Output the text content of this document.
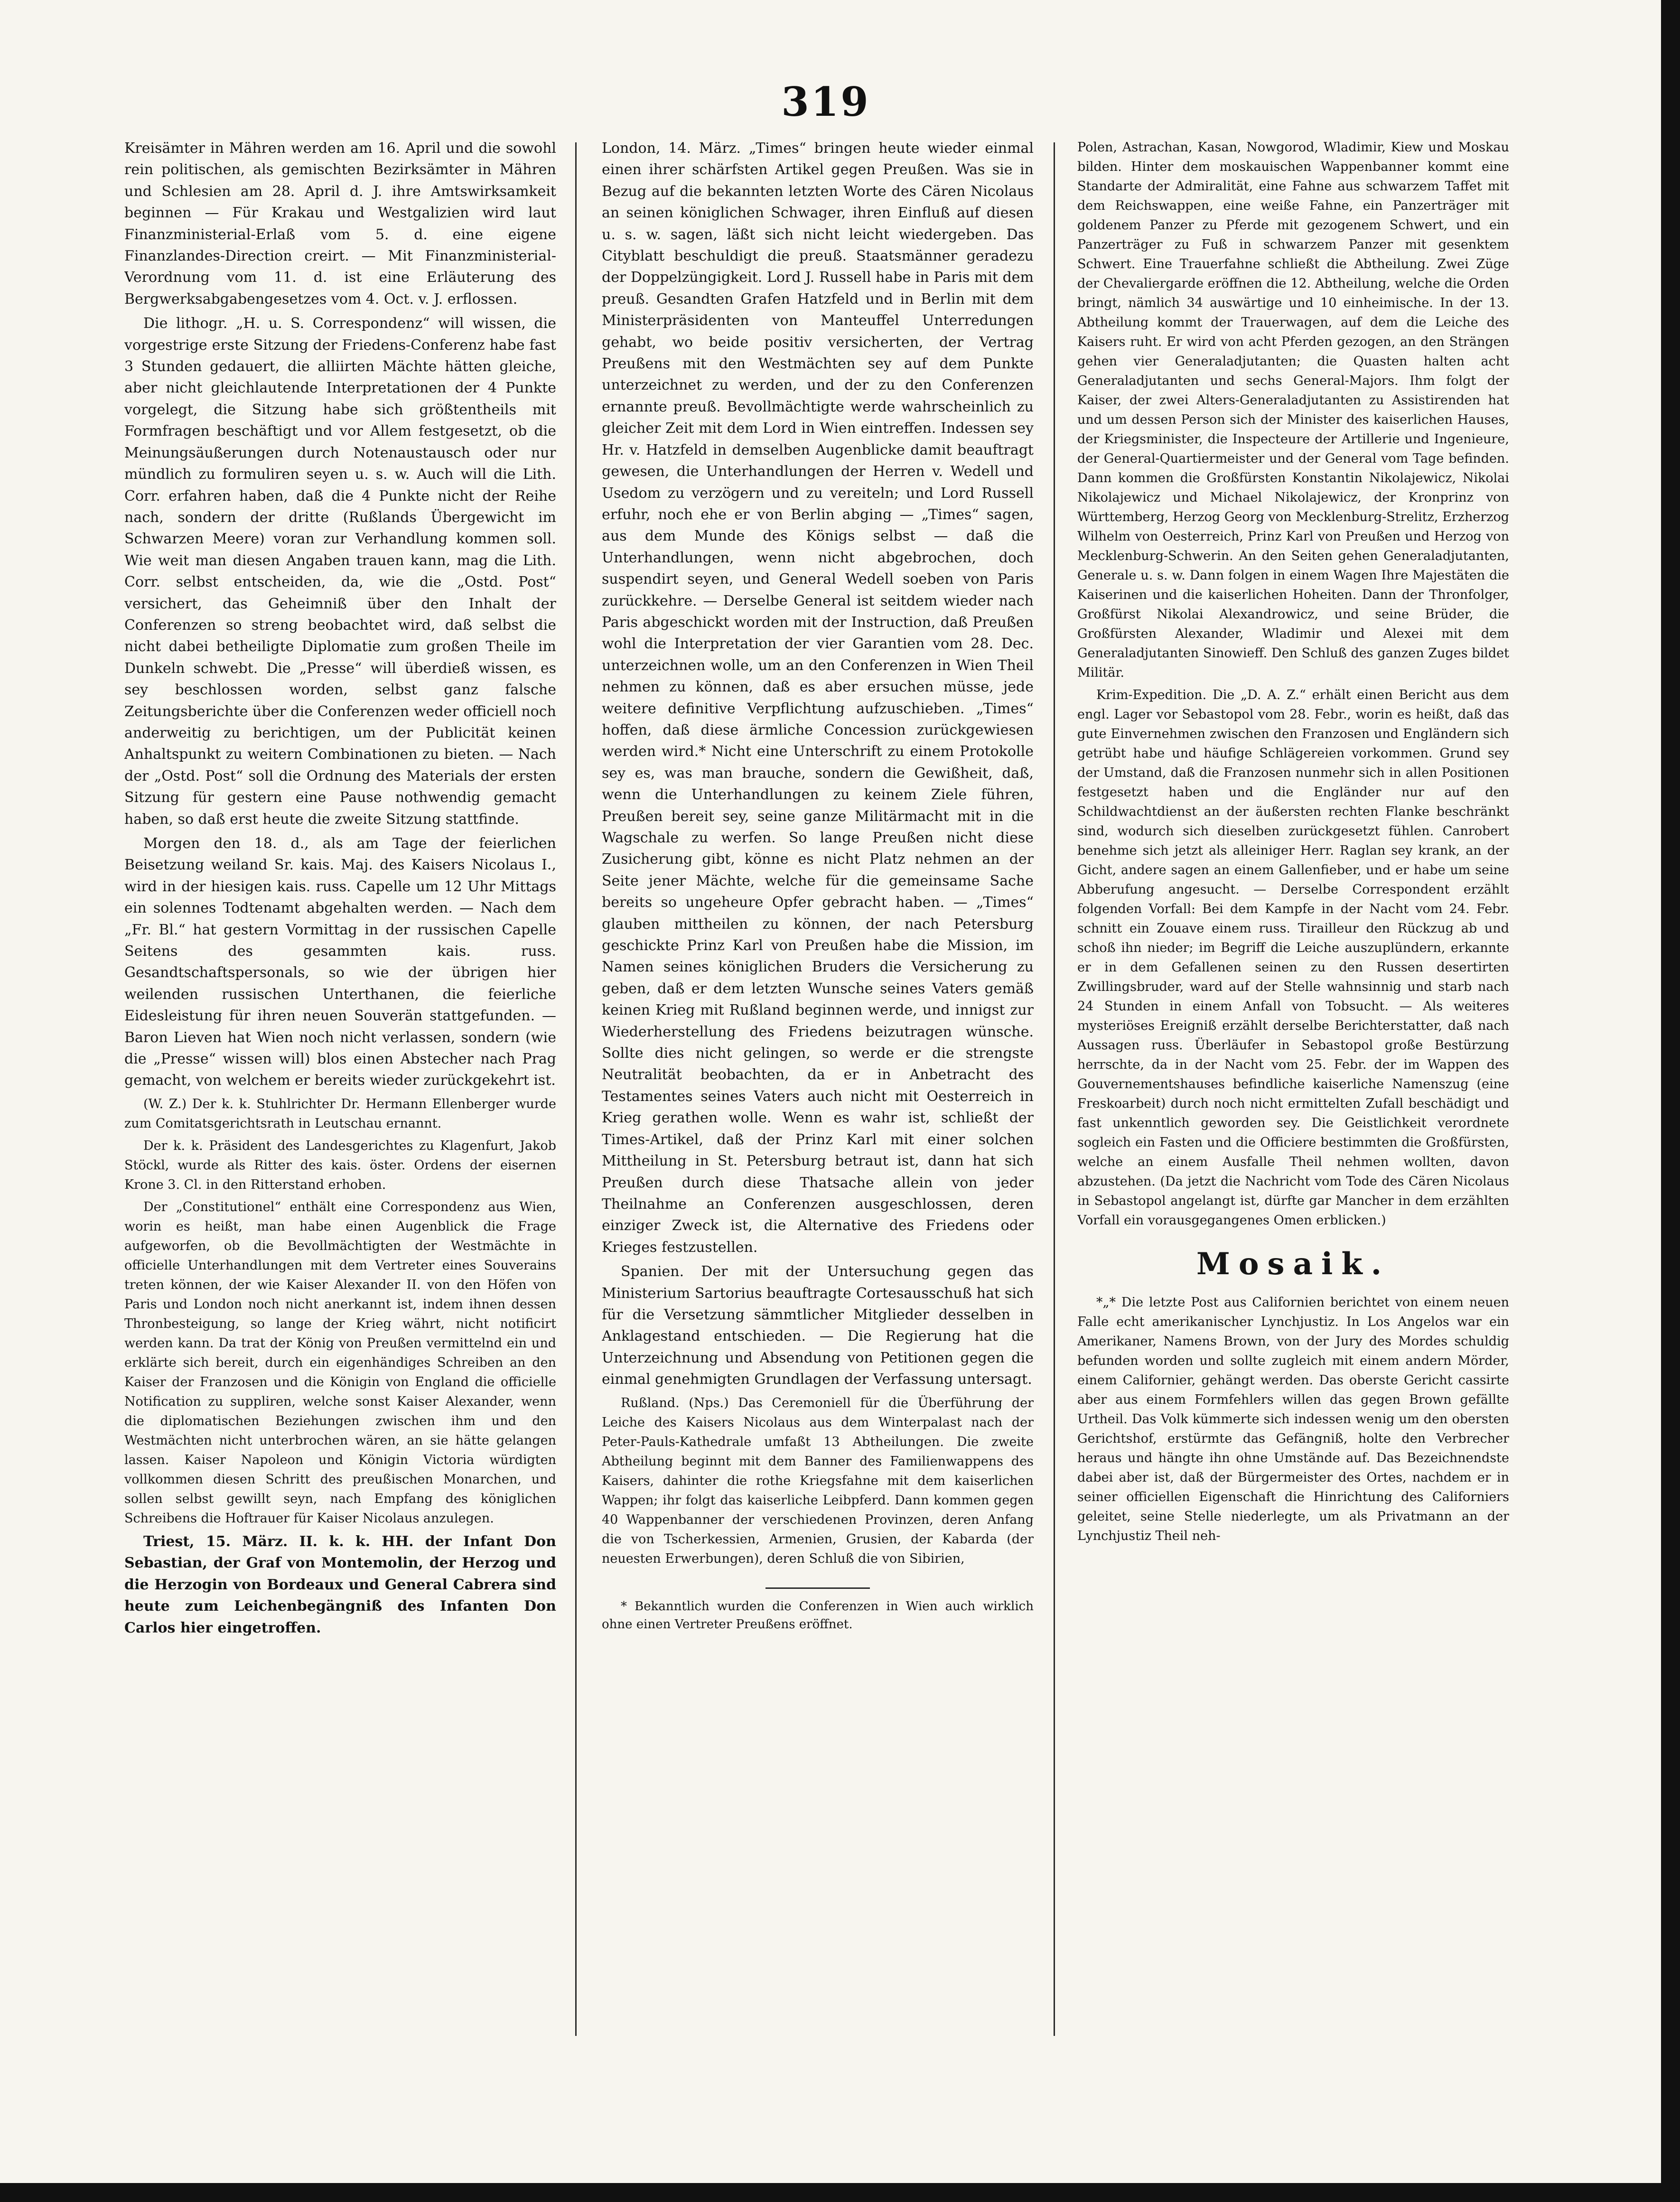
319

Kreisämter in Mähren werden am 16. April und die sowohl rein politischen, als gemischten Bezirksämter in Mähren und Schlesien am 28. April d. J. ihre Amtswirksamkeit beginnen — Für Krakau und Westgalizien wird laut Finanzministerial-Erlaß vom 5. d. eine eigene Finanzlandes-Direction creirt. — Mit Finanzministerial-Verordnung vom 11. d. ist eine Erläuterung des Bergwerksabgabengesetzes vom 4. Oct. v. J. erflossen.

Die lithogr. „H. u. S. Correspondenz“ will wissen, die vorgestrige erste Sitzung der Friedens-Conferenz habe fast 3 Stunden gedauert, die alliirten Mächte hätten gleiche, aber nicht gleichlautende Interpretationen der 4 Punkte vorgelegt, die Sitzung habe sich größtentheils mit Formfragen beschäftigt und vor Allem festgesetzt, ob die Meinungsäußerungen durch Notenaustausch oder nur mündlich zu formuliren seyen u. s. w. Auch will die Lith. Corr. erfahren haben, daß die 4 Punkte nicht der Reihe nach, sondern der dritte (Rußlands Übergewicht im Schwarzen Meere) voran zur Verhandlung kommen soll. Wie weit man diesen Angaben trauen kann, mag die Lith. Corr. selbst entscheiden, da, wie die „Ostd. Post“ versichert, das Geheimniß über den Inhalt der Conferenzen so streng beobachtet wird, daß selbst die nicht dabei betheiligte Diplomatie zum großen Theile im Dunkeln schwebt. Die „Presse“ will überdieß wissen, es sey beschlossen worden, selbst ganz falsche Zeitungsberichte über die Conferenzen weder officiell noch anderweitig zu berichtigen, um der Publicität keinen Anhaltspunkt zu weitern Combinationen zu bieten. — Nach der „Ostd. Post“ soll die Ordnung des Materials der ersten Sitzung für gestern eine Pause nothwendig gemacht haben, so daß erst heute die zweite Sitzung stattfinde.

Morgen den 18. d., als am Tage der feierlichen Beisetzung weiland Sr. kais. Maj. des Kaisers Nicolaus I., wird in der hiesigen kais. russ. Capelle um 12 Uhr Mittags ein solennes Todtenamt abgehalten werden. — Nach dem „Fr. Bl.“ hat gestern Vormittag in der russischen Capelle Seitens des gesammten kais. russ. Gesandtschaftspersonals, so wie der übrigen hier weilenden russischen Unterthanen, die feierliche Eidesleistung für ihren neuen Souverän stattgefunden. — Baron Lieven hat Wien noch nicht verlassen, sondern (wie die „Presse“ wissen will) blos einen Abstecher nach Prag gemacht, von welchem er bereits wieder zurückgekehrt ist.

(W. Z.) Der k. k. Stuhlrichter Dr. Hermann Ellenberger wurde zum Comitatsgerichtsrath in Leutschau ernannt.

Der k. k. Präsident des Landesgerichtes zu Klagenfurt, Jakob Stöckl, wurde als Ritter des kais. öster. Ordens der eisernen Krone 3. Cl. in den Ritterstand erhoben.

Der „Constitutionel“ enthält eine Correspondenz aus Wien, worin es heißt, man habe einen Augenblick die Frage aufgeworfen, ob die Bevollmächtigten der Westmächte in officielle Unterhandlungen mit dem Vertreter eines Souverains treten können, der wie Kaiser Alexander II. von den Höfen von Paris und London noch nicht anerkannt ist, indem ihnen dessen Thronbesteigung, so lange der Krieg währt, nicht notificirt werden kann. Da trat der König von Preußen vermittelnd ein und erklärte sich bereit, durch ein eigenhändiges Schreiben an den Kaiser der Franzosen und die Königin von England die officielle Notification zu suppliren, welche sonst Kaiser Alexander, wenn die diplomatischen Beziehungen zwischen ihm und den Westmächten nicht unterbrochen wären, an sie hätte gelangen lassen. Kaiser Napoleon und Königin Victoria würdigten vollkommen diesen Schritt des preußischen Monarchen, und sollen selbst gewillt seyn, nach Empfang des königlichen Schreibens die Hoftrauer für Kaiser Nicolaus anzulegen.

Triest, 15. März. II. k. k. HH. der Infant Don Sebastian, der Graf von Montemolin, der Herzog und die Herzogin von Bordeaux und General Cabrera sind heute zum Leichenbegängniß des Infanten Don Carlos hier eingetroffen.

London, 14. März. „Times“ bringen heute wieder einmal einen ihrer schärfsten Artikel gegen Preußen. Was sie in Bezug auf die bekannten letzten Worte des Cären Nicolaus an seinen königlichen Schwager, ihren Einfluß auf diesen u. s. w. sagen, läßt sich nicht leicht wiedergeben. Das Cityblatt beschuldigt die preuß. Staatsmänner geradezu der Doppelzüngigkeit. Lord J. Russell habe in Paris mit dem preuß. Gesandten Grafen Hatzfeld und in Berlin mit dem Ministerpräsidenten von Manteuffel Unterredungen gehabt, wo beide positiv versicherten, der Vertrag Preußens mit den Westmächten sey auf dem Punkte unterzeichnet zu werden, und der zu den Conferenzen ernannte preuß. Bevollmächtigte werde wahrscheinlich zu gleicher Zeit mit dem Lord in Wien eintreffen. Indessen sey Hr. v. Hatzfeld in demselben Augenblicke damit beauftragt gewesen, die Unterhandlungen der Herren v. Wedell und Usedom zu verzögern und zu vereiteln; und Lord Russell erfuhr, noch ehe er von Berlin abging — „Times“ sagen, aus dem Munde des Königs selbst — daß die Unterhandlungen, wenn nicht abgebrochen, doch suspendirt seyen, und General Wedell soeben von Paris zurückkehre. — Derselbe General ist seitdem wieder nach Paris abgeschickt worden mit der Instruction, daß Preußen wohl die Interpretation der vier Garantien vom 28. Dec. unterzeichnen wolle, um an den Conferenzen in Wien Theil nehmen zu können, daß es aber ersuchen müsse, jede weitere definitive Verpflichtung aufzuschieben. „Times“ hoffen, daß diese ärmliche Concession zurückgewiesen werden wird.* Nicht eine Unterschrift zu einem Protokolle sey es, was man brauche, sondern die Gewißheit, daß, wenn die Unterhandlungen zu keinem Ziele führen, Preußen bereit sey, seine ganze Militärmacht mit in die Wagschale zu werfen. So lange Preußen nicht diese Zusicherung gibt, könne es nicht Platz nehmen an der Seite jener Mächte, welche für die gemeinsame Sache bereits so ungeheure Opfer gebracht haben. — „Times“ glauben mittheilen zu können, der nach Petersburg geschickte Prinz Karl von Preußen habe die Mission, im Namen seines königlichen Bruders die Versicherung zu geben, daß er dem letzten Wunsche seines Vaters gemäß keinen Krieg mit Rußland beginnen werde, und innigst zur Wiederherstellung des Friedens beizutragen wünsche. Sollte dies nicht gelingen, so werde er die strengste Neutralität beobachten, da er in Anbetracht des Testamentes seines Vaters auch nicht mit Oesterreich in Krieg gerathen wolle. Wenn es wahr ist, schließt der Times-Artikel, daß der Prinz Karl mit einer solchen Mittheilung in St. Petersburg betraut ist, dann hat sich Preußen durch diese Thatsache allein von jeder Theilnahme an Conferenzen ausgeschlossen, deren einziger Zweck ist, die Alternative des Friedens oder Krieges festzustellen.

Spanien. Der mit der Untersuchung gegen das Ministerium Sartorius beauftragte Cortesausschuß hat sich für die Versetzung sämmtlicher Mitglieder desselben in Anklagestand entschieden. — Die Regierung hat die Unterzeichnung und Absendung von Petitionen gegen die einmal genehmigten Grundlagen der Verfassung untersagt.

Rußland. (Nps.) Das Ceremoniell für die Überführung der Leiche des Kaisers Nicolaus aus dem Winterpalast nach der Peter-Pauls-Kathedrale umfaßt 13 Abtheilungen. Die zweite Abtheilung beginnt mit dem Banner des Familienwappens des Kaisers, dahinter die rothe Kriegsfahne mit dem kaiserlichen Wappen; ihr folgt das kaiserliche Leibpferd. Dann kommen gegen 40 Wappenbanner der verschiedenen Provinzen, deren Anfang die von Tscherkessien, Armenien, Grusien, der Kabarda (der neuesten Erwerbungen), deren Schluß die von Sibirien,

* Bekanntlich wurden die Conferenzen in Wien auch wirklich ohne einen Vertreter Preußens eröffnet.

Polen, Astrachan, Kasan, Nowgorod, Wladimir, Kiew und Moskau bilden. Hinter dem moskauischen Wappenbanner kommt eine Standarte der Admiralität, eine Fahne aus schwarzem Taffet mit dem Reichswappen, eine weiße Fahne, ein Panzerträger mit goldenem Panzer zu Pferde mit gezogenem Schwert, und ein Panzerträger zu Fuß in schwarzem Panzer mit gesenktem Schwert. Eine Trauerfahne schließt die Abtheilung. Zwei Züge der Chevaliergarde eröffnen die 12. Abtheilung, welche die Orden bringt, nämlich 34 auswärtige und 10 einheimische. In der 13. Abtheilung kommt der Trauerwagen, auf dem die Leiche des Kaisers ruht. Er wird von acht Pferden gezogen, an den Strängen gehen vier Generaladjutanten; die Quasten halten acht Generaladjutanten und sechs General-Majors. Ihm folgt der Kaiser, der zwei Alters-Generaladjutanten zu Assistirenden hat und um dessen Person sich der Minister des kaiserlichen Hauses, der Kriegsminister, die Inspecteure der Artillerie und Ingenieure, der General-Quartiermeister und der General vom Tage befinden. Dann kommen die Großfürsten Konstantin Nikolajewicz, Nikolai Nikolajewicz und Michael Nikolajewicz, der Kronprinz von Württemberg, Herzog Georg von Mecklenburg-Strelitz, Erzherzog Wilhelm von Oesterreich, Prinz Karl von Preußen und Herzog von Mecklenburg-Schwerin. An den Seiten gehen Generaladjutanten, Generale u. s. w. Dann folgen in einem Wagen Ihre Majestäten die Kaiserinen und die kaiserlichen Hoheiten. Dann der Thronfolger, Großfürst Nikolai Alexandrowicz, und seine Brüder, die Großfürsten Alexander, Wladimir und Alexei mit dem Generaladjutanten Sinowieff. Den Schluß des ganzen Zuges bildet Militär.

Krim-Expedition. Die „D. A. Z.“ erhält einen Bericht aus dem engl. Lager vor Sebastopol vom 28. Febr., worin es heißt, daß das gute Einvernehmen zwischen den Franzosen und Engländern sich getrübt habe und häufige Schlägereien vorkommen. Grund sey der Umstand, daß die Franzosen nunmehr sich in allen Positionen festgesetzt haben und die Engländer nur auf den Schildwachtdienst an der äußersten rechten Flanke beschränkt sind, wodurch sich dieselben zurückgesetzt fühlen. Canrobert benehme sich jetzt als alleiniger Herr. Raglan sey krank, an der Gicht, andere sagen an einem Gallenfieber, und er habe um seine Abberufung angesucht. — Derselbe Correspondent erzählt folgenden Vorfall: Bei dem Kampfe in der Nacht vom 24. Febr. schnitt ein Zouave einem russ. Tirailleur den Rückzug ab und schoß ihn nieder; im Begriff die Leiche auszuplündern, erkannte er in dem Gefallenen seinen zu den Russen desertirten Zwillingsbruder, ward auf der Stelle wahnsinnig und starb nach 24 Stunden in einem Anfall von Tobsucht. — Als weiteres mysteriöses Ereigniß erzählt derselbe Berichterstatter, daß nach Aussagen russ. Überläufer in Sebastopol große Bestürzung herrschte, da in der Nacht vom 25. Febr. der im Wappen des Gouvernementshauses befindliche kaiserliche Namenszug (eine Freskoarbeit) durch noch nicht ermittelten Zufall beschädigt und fast unkenntlich geworden sey. Die Geistlichkeit verordnete sogleich ein Fasten und die Officiere bestimmten die Großfürsten, welche an einem Ausfalle Theil nehmen wollten, davon abzustehen. (Da jetzt die Nachricht vom Tode des Cären Nicolaus in Sebastopol angelangt ist, dürfte gar Mancher in dem erzählten Vorfall ein vorausgegangenes Omen erblicken.)

Mosaik.

*„* Die letzte Post aus Californien berichtet von einem neuen Falle echt amerikanischer Lynchjustiz. In Los Angelos war ein Amerikaner, Namens Brown, von der Jury des Mordes schuldig befunden worden und sollte zugleich mit einem andern Mörder, einem Californier, gehängt werden. Das oberste Gericht cassirte aber aus einem Formfehlers willen das gegen Brown gefällte Urtheil. Das Volk kümmerte sich indessen wenig um den obersten Gerichtshof, erstürmte das Gefängniß, holte den Verbrecher heraus und hängte ihn ohne Umstände auf. Das Bezeichnendste dabei aber ist, daß der Bürgermeister des Ortes, nachdem er in seiner officiellen Eigenschaft die Hinrichtung des Californiers geleitet, seine Stelle niederlegte, um als Privatmann an der Lynchjustiz Theil neh-
